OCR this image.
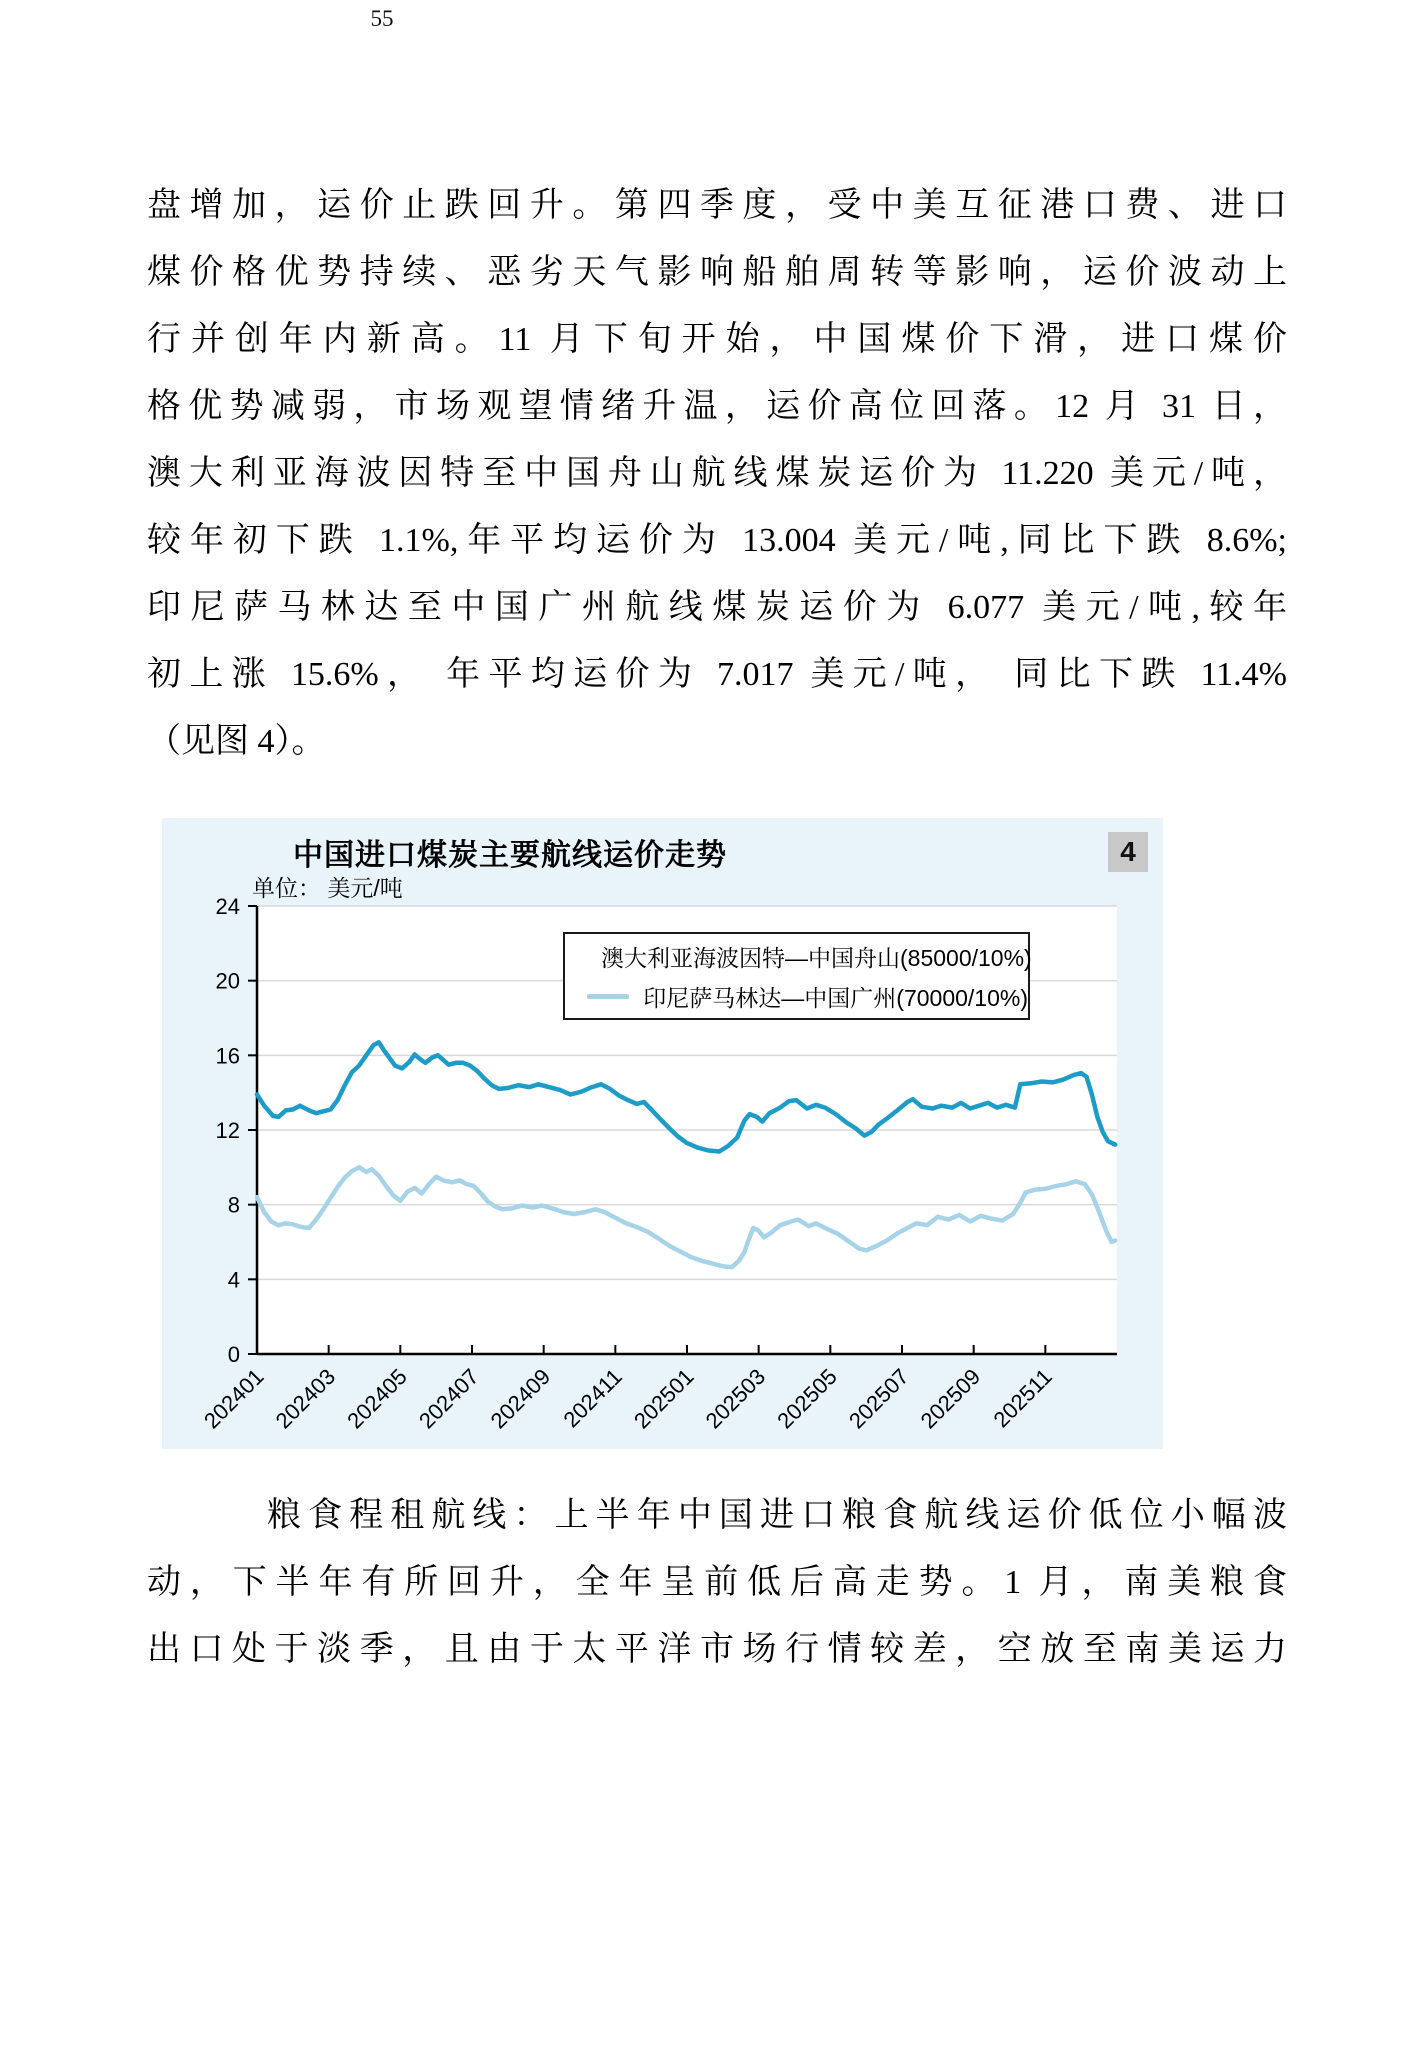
55
盘增加，运价止跌回升。第四季度，受中美互征港口费、进口
煤价格优势持续、恶劣天气影响船舶周转等影响，运价波动上
行并创年内新高。11 月下旬开始，中国煤价下滑，进口煤价
格优势减弱，市场观望情绪升温，运价高位回落。12 月 31 日，
澳大利亚海波因特至中国舟山航线煤炭运价为 11.220 美元/吨，
较年初下跌 1.1%,年平均运价为 13.004 美元/吨,同比下跌 8.6%;
印尼萨马林达至中国广州航线煤炭运价为 6.077 美元/吨,较年
初上涨 15.6%， 年平均运价为 7.017 美元/吨， 同比下跌 11.4%
（见图 4）。
中国进口煤炭主要航线运价走势	4
单位： 美元/吨
0
4
8
12
16
20
24
202401 202403 202405 202407 202409 202411 202501 202503 202505 202507 202509 202511
澳大利亚海波因特—中国舟山(85000/10%)
印尼萨马林达—中国广州(70000/10%)
粮食程租航线：上半年中国进口粮食航线运价低位小幅波
动，下半年有所回升，全年呈前低后高走势。1 月，南美粮食
出口处于淡季，且由于太平洋市场行情较差，空放至南美运力
